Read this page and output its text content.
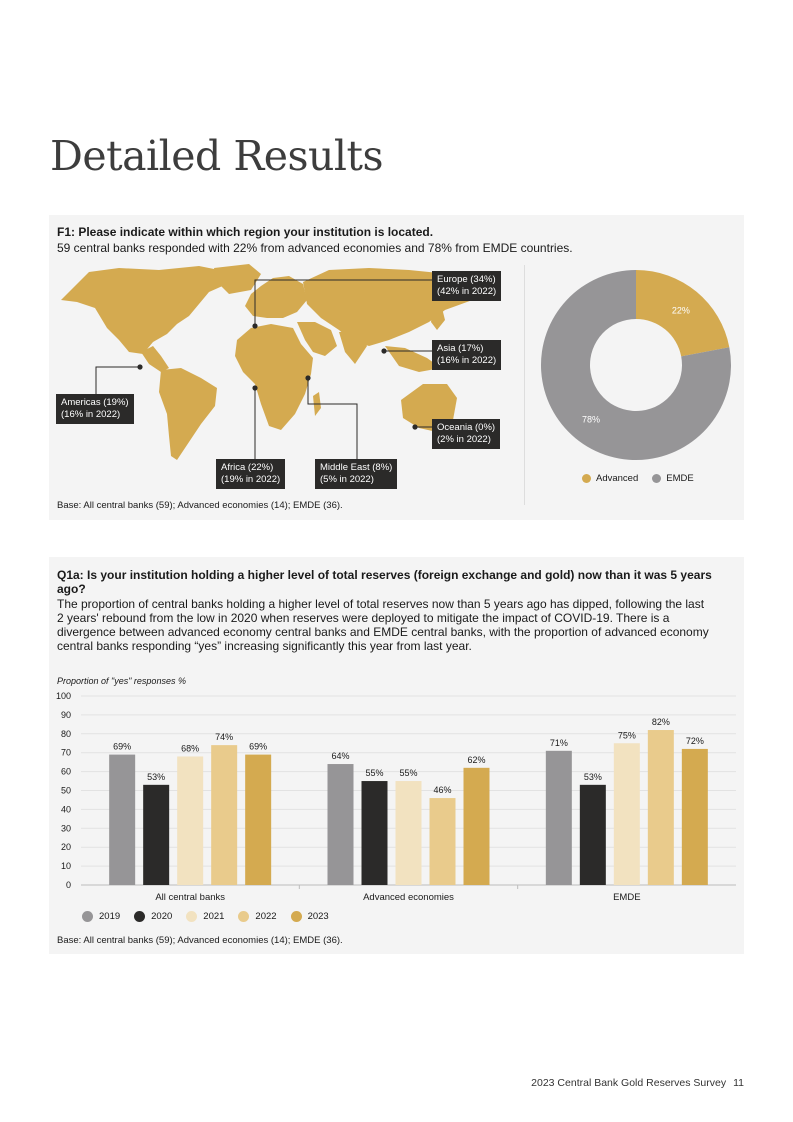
Detailed Results
F1: Please indicate within which region your institution is located.
59 central banks responded with 22% from advanced economies and 78% from EMDE countries.
Europe (34%)
(42% in 2022)
Asia (17%)
(16% in 2022)
Americas (19%)
(16% in 2022)
Oceania (0%)
(2% in 2022)
Africa (22%)
(19% in 2022)
Middle East (8%)
(5% in 2022)
22%
78%
Advanced	EMDE
Base: All central banks (59); Advanced economies (14); EMDE (36).
Q1a: Is your institution holding a higher level of total reserves (foreign exchange and gold) now than it was 5 years ago?
The proportion of central banks holding a higher level of total reserves now than 5 years ago has dipped, following the last 2 years' rebound from the low in 2020 when reserves were deployed to mitigate the impact of COVID-19. There is a divergence between advanced economy central banks and EMDE central banks, with the proportion of advanced economy central banks responding “yes” increasing significantly this year from last year.
Proportion of "yes" responses %
0
10
20
30
40
50
60
70
80
90
100
69%
53%
68%
74%
69%
All central banks
64%
55% 55%
46%
62%
Advanced economies
71%
53%
75%
82%
72%
EMDE
2019	2020	2021	2022	2023
Base: All central banks (59); Advanced economies (14); EMDE (36).
2023 Central Bank Gold Reserves Survey 11
